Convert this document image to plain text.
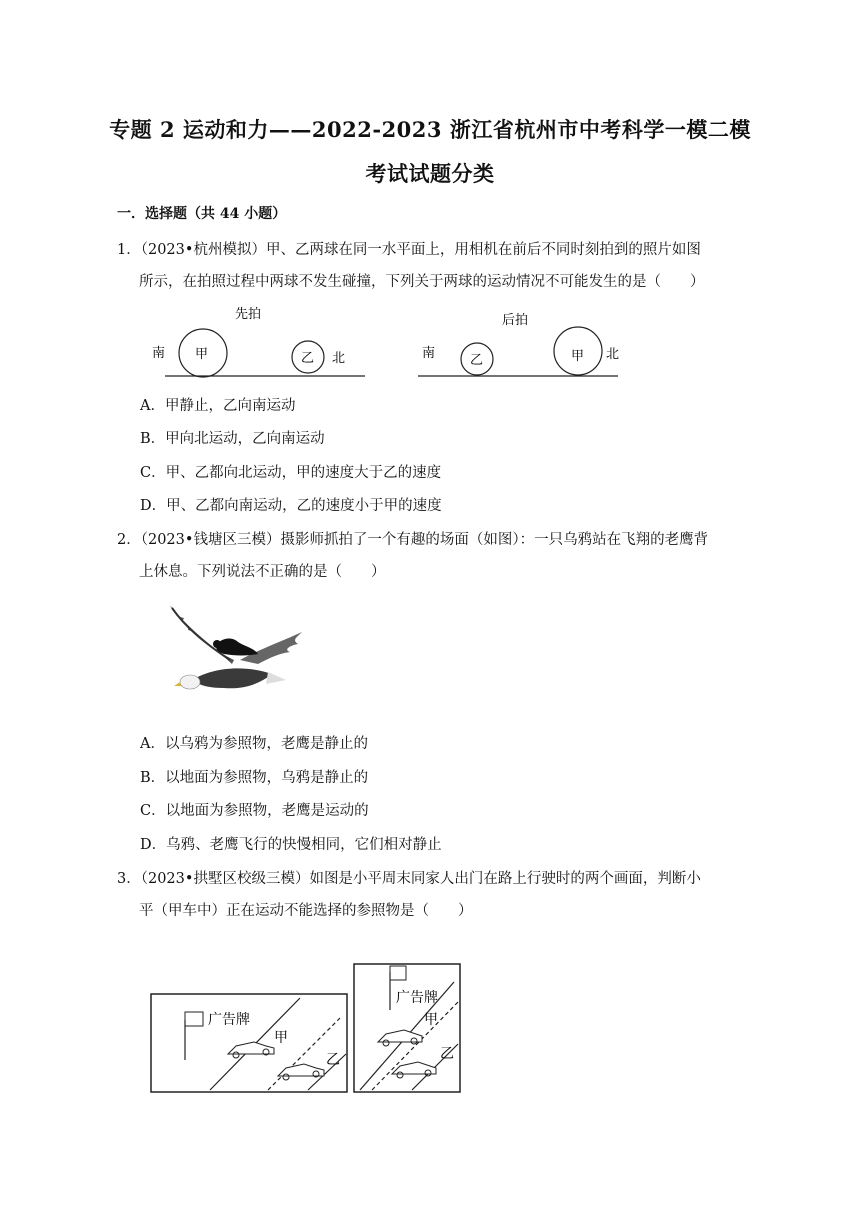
专题 2 运动和力——2022-2023 浙江省杭州市中考科学一模二模
考试试题分类
一．选择题（共 44 小题）
1．（2023•杭州模拟）甲、乙两球在同一水平面上，用相机在前后不同时刻拍到的照片如图
所示，在拍照过程中两球不发生碰撞，下列关于两球的运动情况不可能发生的是（　　）
先拍
南 甲	乙 北
后拍
南	乙	甲 北
A．甲静止，乙向南运动
B．甲向北运动，乙向南运动
C．甲、乙都向北运动，甲的速度大于乙的速度
D．甲、乙都向南运动，乙的速度小于甲的速度
2．（2023•钱塘区三模）摄影师抓拍了一个有趣的场面（如图）：一只乌鸦站在飞翔的老鹰背
上休息。下列说法不正确的是（　　）
A．以乌鸦为参照物，老鹰是静止的
B．以地面为参照物，乌鸦是静止的
C．以地面为参照物，老鹰是运动的
D．乌鸦、老鹰飞行的快慢相同，它们相对静止
3．（2023•拱墅区校级三模）如图是小平周末同家人出门在路上行驶时的两个画面，判断小
平（甲车中）正在运动不能选择的参照物是（　　）
广告牌
甲
乙
广告牌
甲
乙
